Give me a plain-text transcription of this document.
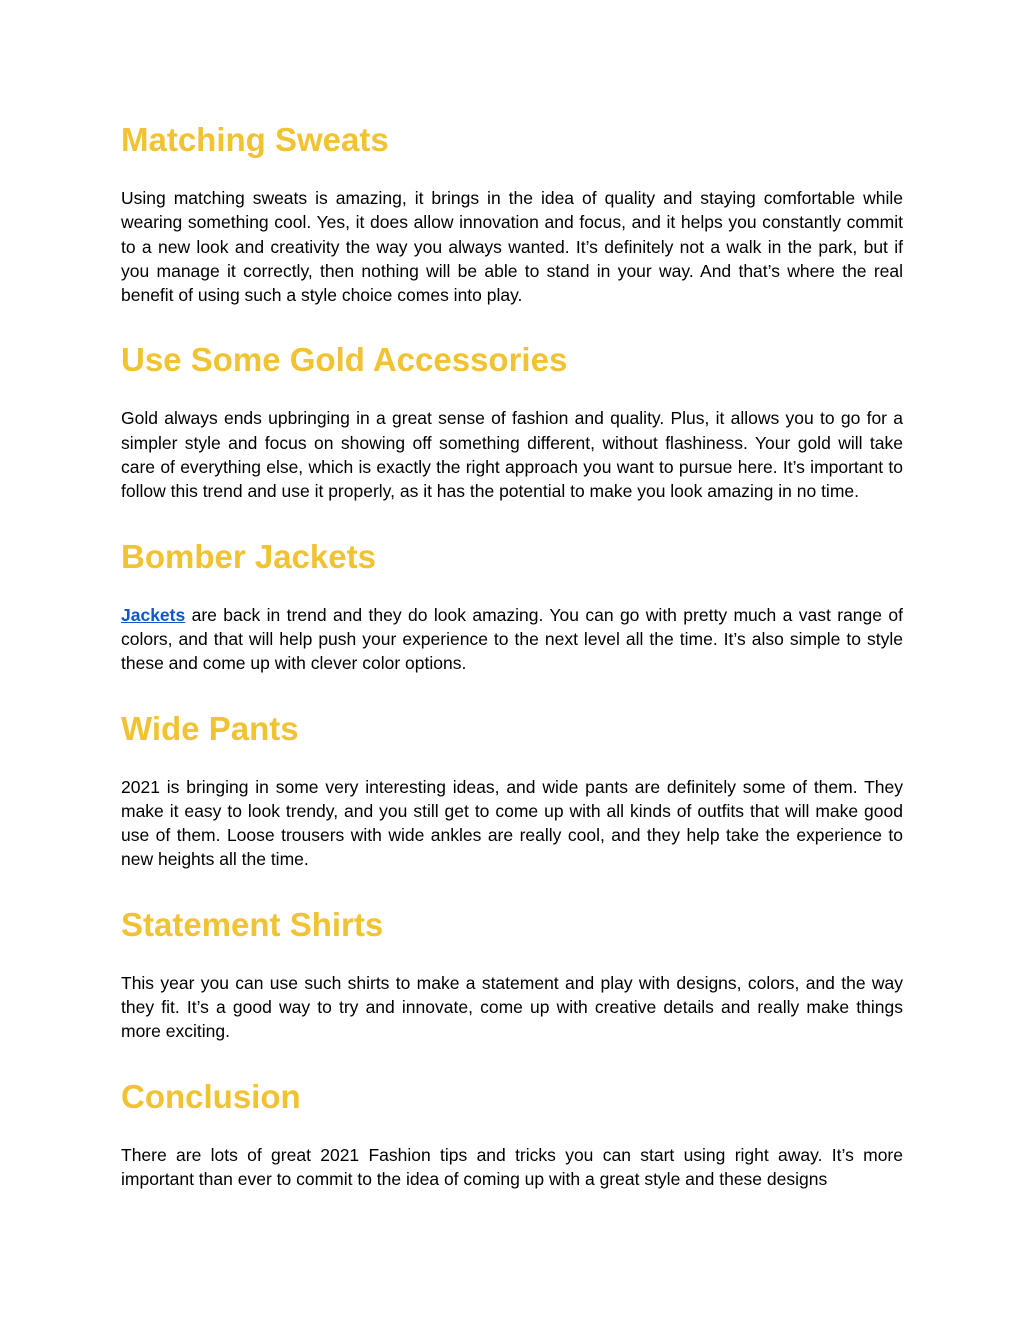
Matching Sweats

Using matching sweats is amazing, it brings in the idea of quality and staying comfortable while wearing something cool. Yes, it does allow innovation and focus, and it helps you constantly commit to a new look and creativity the way you always wanted. It’s definitely not a walk in the park, but if you manage it correctly, then nothing will be able to stand in your way. And that’s where the real benefit of using such a style choice comes into play.

Use Some Gold Accessories

Gold always ends upbringing in a great sense of fashion and quality. Plus, it allows you to go for a simpler style and focus on showing off something different, without flashiness. Your gold will take care of everything else, which is exactly the right approach you want to pursue here. It’s important to follow this trend and use it properly, as it has the potential to make you look amazing in no time.

Bomber Jackets

Jackets are back in trend and they do look amazing. You can go with pretty much a vast range of colors, and that will help push your experience to the next level all the time. It’s also simple to style these and come up with clever color options.

Wide Pants

2021 is bringing in some very interesting ideas, and wide pants are definitely some of them. They make it easy to look trendy, and you still get to come up with all kinds of outfits that will make good use of them. Loose trousers with wide ankles are really cool, and they help take the experience to new heights all the time.

Statement Shirts

This year you can use such shirts to make a statement and play with designs, colors, and the way they fit. It’s a good way to try and innovate, come up with creative details and really make things more exciting.

Conclusion

There are lots of great 2021 Fashion tips and tricks you can start using right away. It’s more important than ever to commit to the idea of coming up with a great style and these designs
